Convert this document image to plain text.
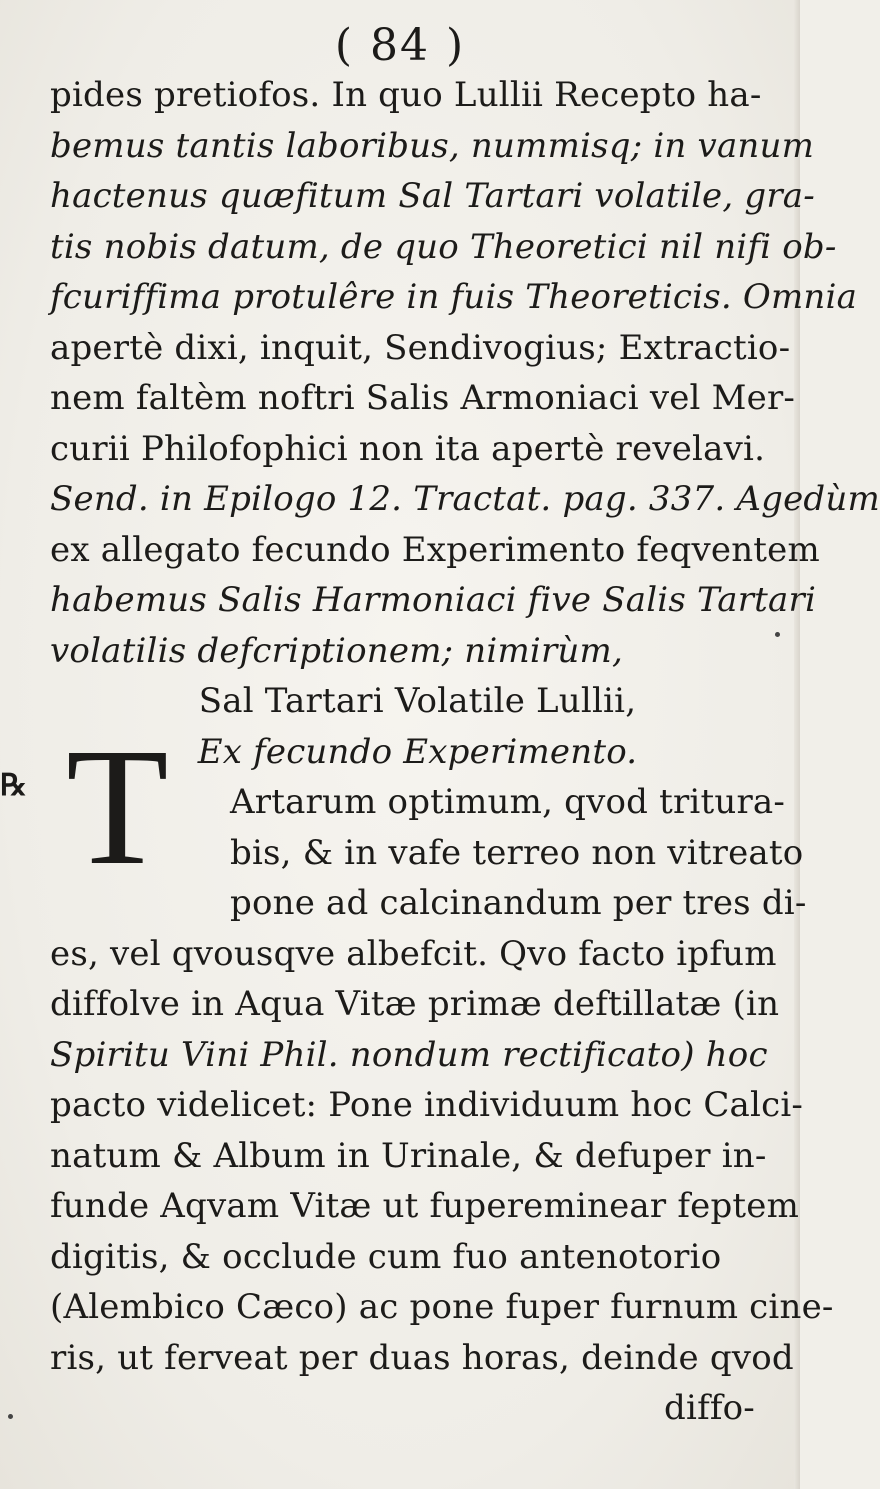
( 84 )
pides pretiofos. In quo Lullii Recepto ha-
bemus tantis laboribus, nummisq; in vanum
hactenus quæfitum Sal Tartari volatile, gra-
tis nobis datum, de quo Theoretici nil nifi ob-
fcuriffima protulêre in fuis Theoreticis. Omnia
apertè dixi, inquit, Sendivogius; Extractio-
nem faltèm noftri Salis Armoniaci vel Mer-
curii Philofophici non ita apertè revelavi.
Send. in Epilogo 12. Tractat. pag. 337. Agedùm
ex allegato fecundo Experimento feqventem
habemus Salis Harmoniaci five Salis Tartari
volatilis defcriptionem; nimirùm,
Sal Tartari Volatile Lullii,
Ex fecundo Experimento.
Artarum optimum, qvod tritura-
bis, & in vafe terreo non vitreato
pone ad calcinandum per tres di-
es, vel qvousqve albefcit. Qvo facto ipfum
diffolve in Aqua Vitæ primæ deftillatæ (in
Spiritu Vini Phil. nondum rectificato) hoc
pacto videlicet: Pone individuum hoc Calci-
natum & Album in Urinale, & defuper in-
funde Aqvam Vitæ ut fupereminear feptem
digitis, & occlude cum fuo antenotorio
(Alembico Cæco) ac pone fuper furnum cine-
ris, ut ferveat per duas horas, deinde qvod
diffo-
℞ T
